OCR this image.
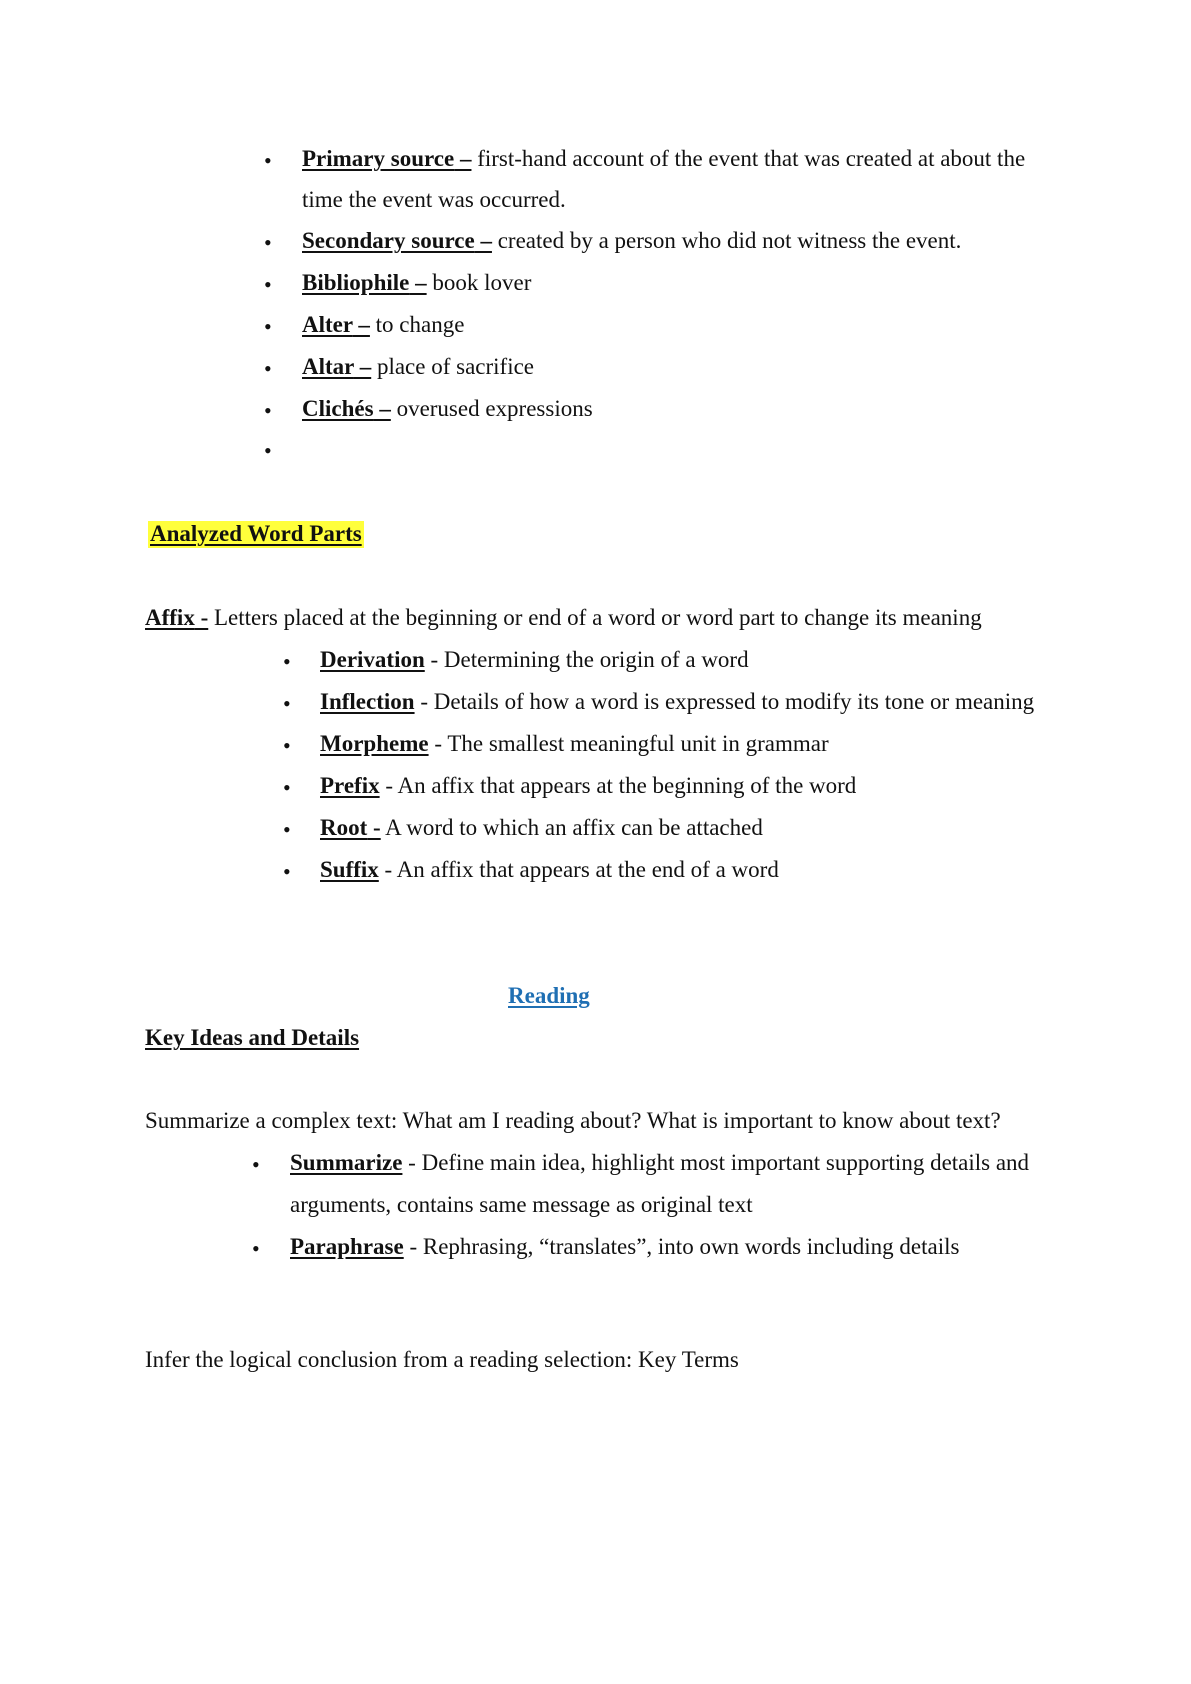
• Primary source – first-hand account of the event that was created at about the
time the event was occurred.
• Secondary source – created by a person who did not witness the event.
• Bibliophile – book lover
• Alter – to change
• Altar – place of sacrifice
• Clichés – overused expressions
•
Analyzed Word Parts
Affix - Letters placed at the beginning or end of a word or word part to change its meaning
• Derivation - Determining the origin of a word
• Inflection - Details of how a word is expressed to modify its tone or meaning
• Morpheme - The smallest meaningful unit in grammar
• Prefix - An affix that appears at the beginning of the word
• Root - A word to which an affix can be attached
• Suffix - An affix that appears at the end of a word
Reading
Key Ideas and Details
Summarize a complex text: What am I reading about? What is important to know about text?
• Summarize - Define main idea, highlight most important supporting details and
arguments, contains same message as original text
• Paraphrase - Rephrasing, “translates”, into own words including details
Infer the logical conclusion from a reading selection: Key Terms
